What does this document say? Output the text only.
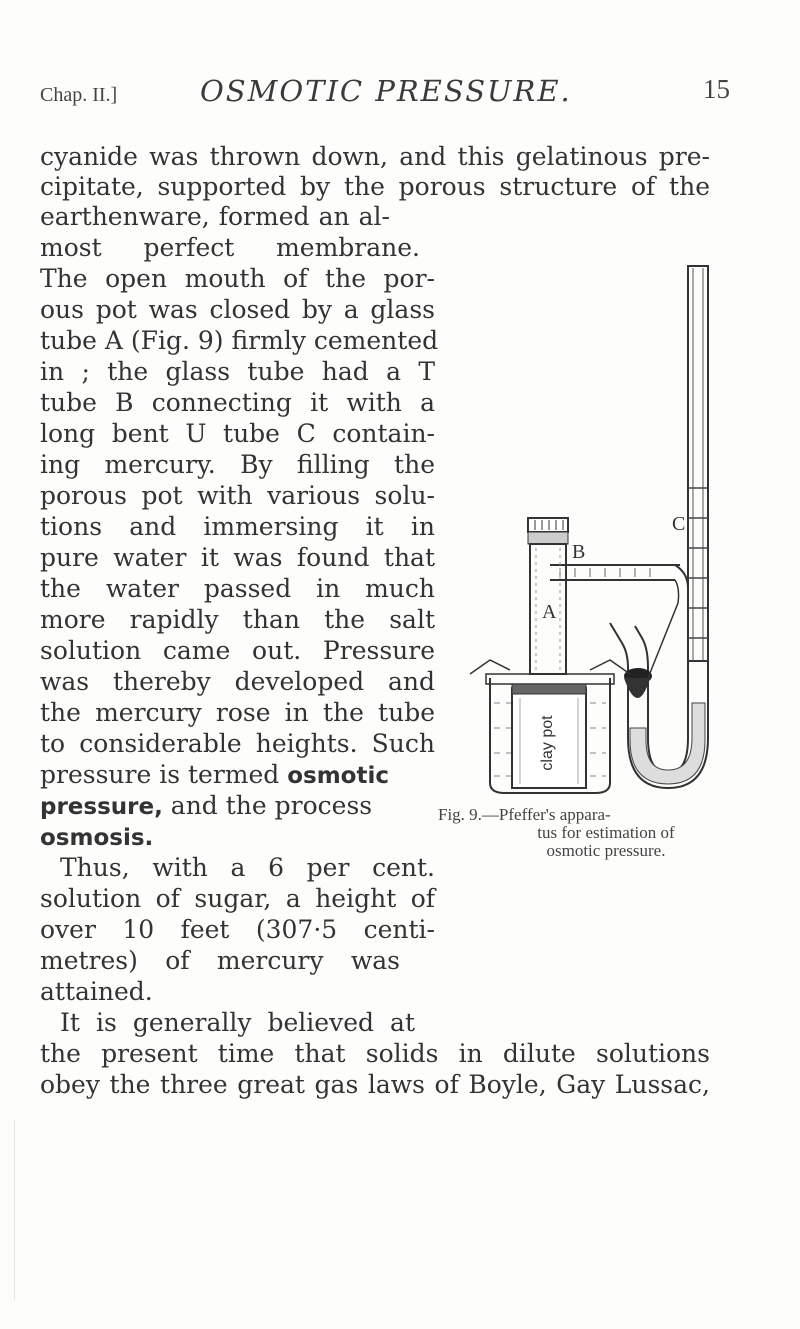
Chap. II.]	OSMOTIC PRESSURE.	15
cyanide was thrown down, and this gelatinous pre-
cipitate, supported by the porous structure of the
earthenware, formed an al-
most perfect membrane.
The open mouth of the por-
ous pot was closed by a glass
tube A (Fig. 9) firmly cemented
in ; the glass tube had a T
tube B connecting it with a
long bent U tube C contain-
ing mercury. By filling the
porous pot with various solu-
tions and immersing it in
pure water it was found that
the water passed in much
more rapidly than the salt
solution came out. Pressure
was thereby developed and
the mercury rose in the tube
to considerable heights. Such
pressure is termed osmotic
pressure, and the process
osmosis.
Thus, with a 6 per cent.
solution of sugar, a height of
over 10 feet (307·5 centi-
metres) of mercury was
attained.
It is generally believed at
the present time that solids in dilute solutions
obey the three great gas laws of Boyle, Gay Lussac,
clay pot
A
B
C
Fig. 9.—Pfeffer's appara-
tus for estimation of
osmotic pressure.
